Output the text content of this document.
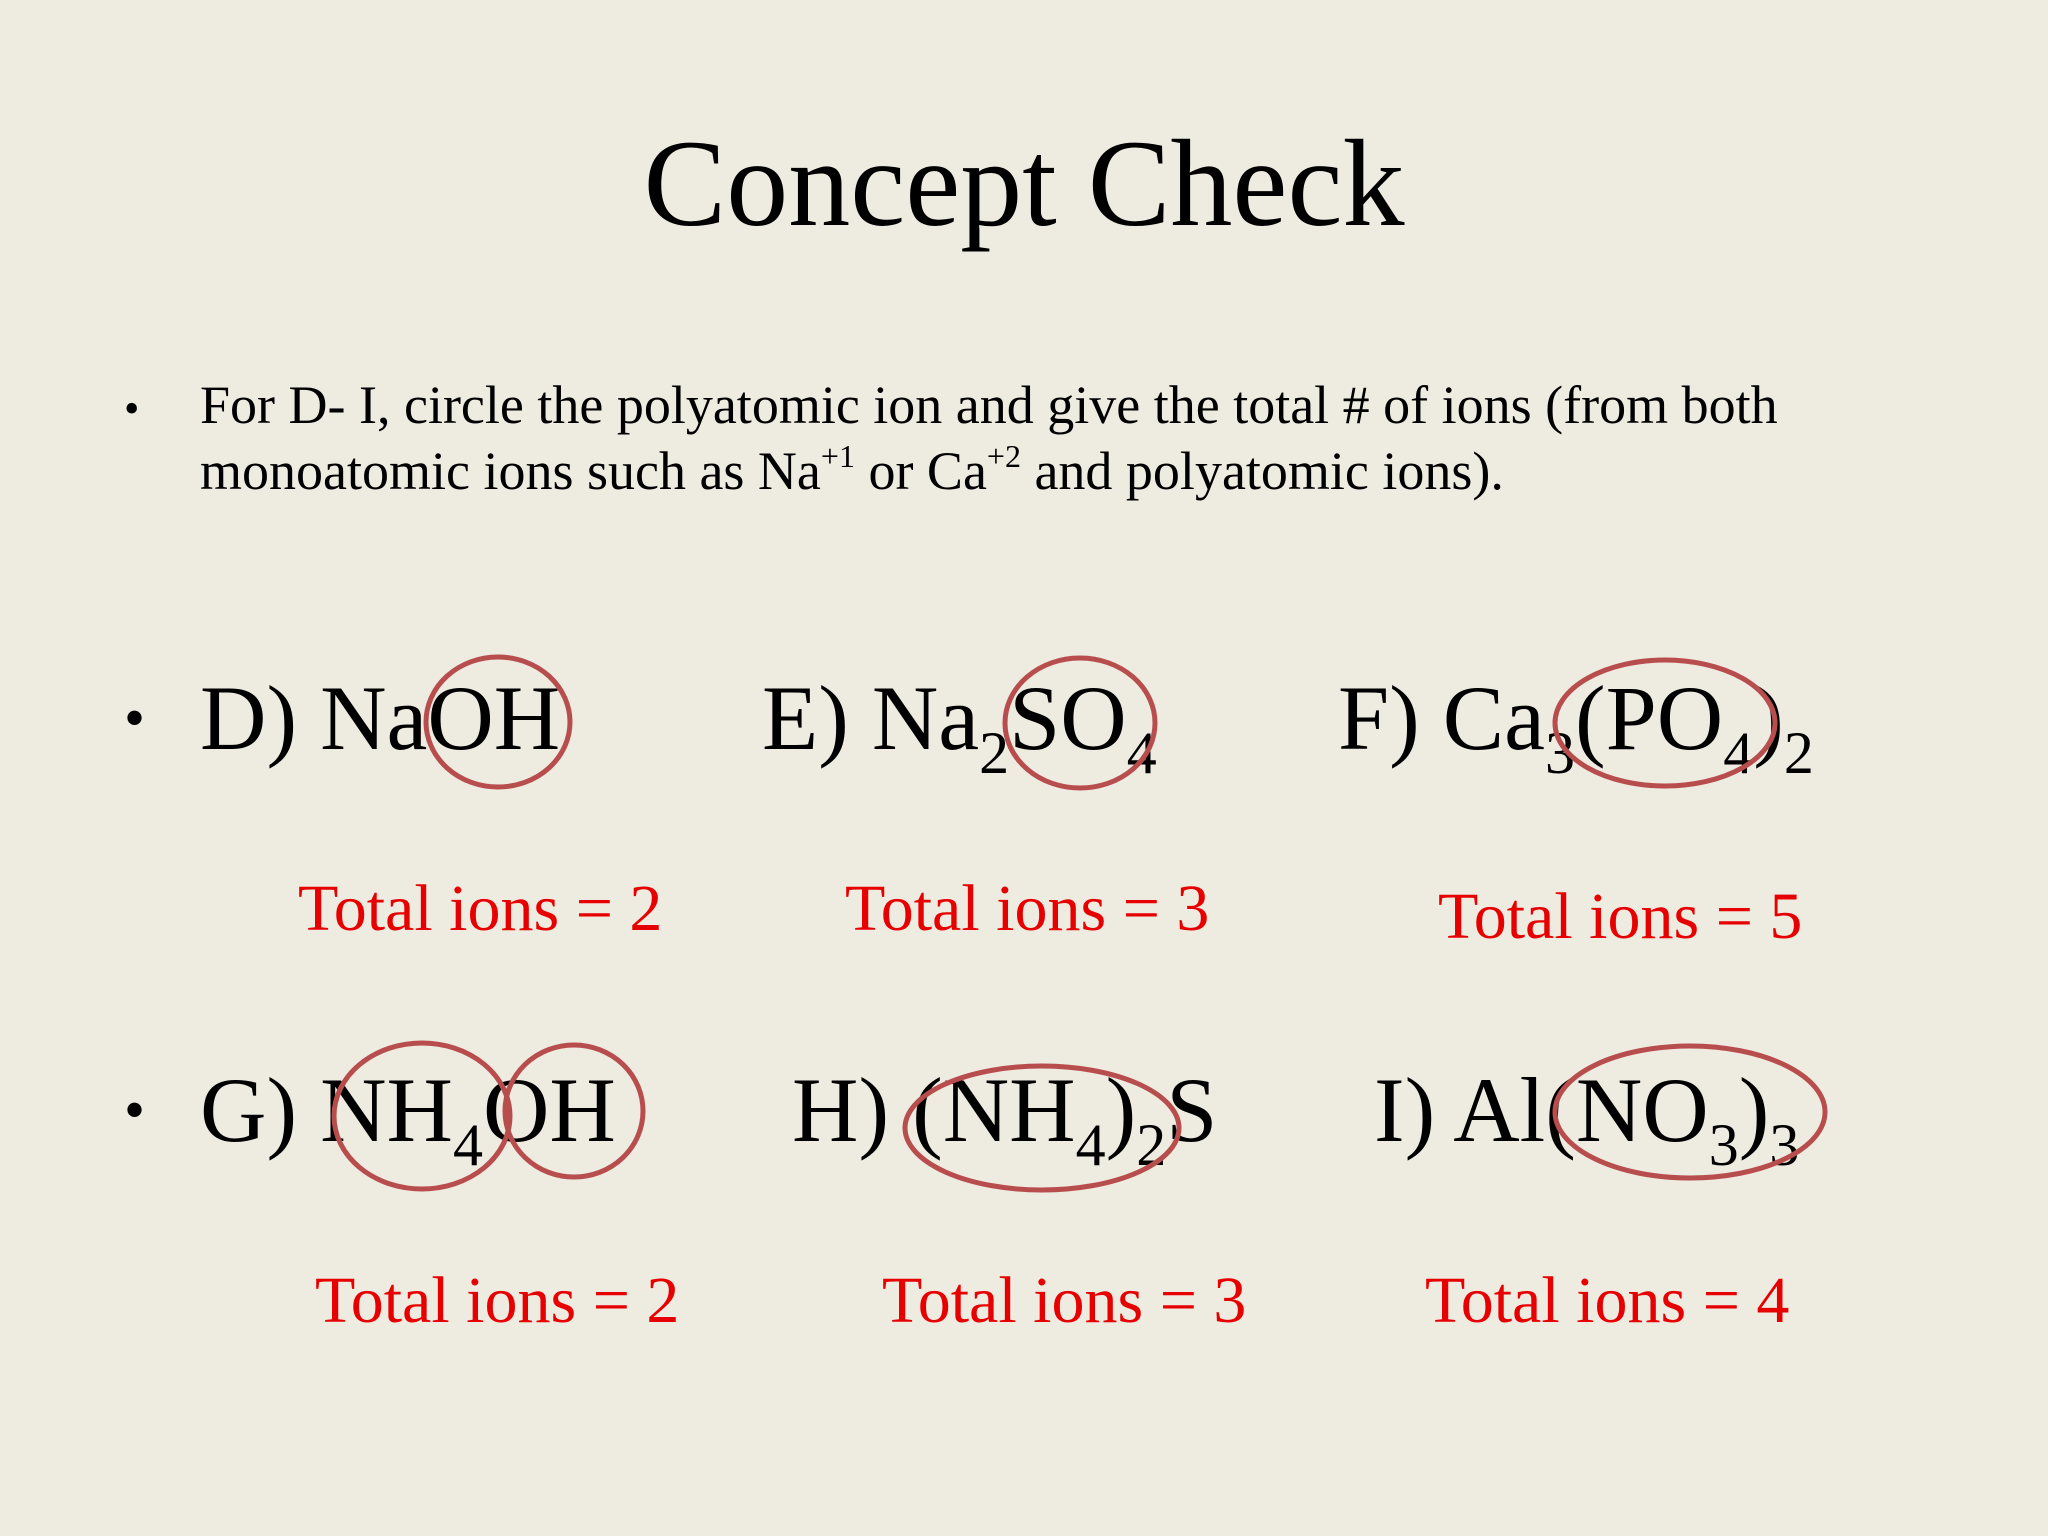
Concept Check
• For D- I, circle the polyatomic ion and give the total # of ions (from both monoatomic ions such as $Na^{+1}$ or $Ca^{+2}$ and polyatomic ions).
• D) NaOH E) $Na_2SO_4$ F) $Ca_3(PO_4)_2$
Total ions = 2	Total ions = 3	Total ions = 5
• G) $NH_4OH$ H) $(NH_4)_2S$ I) $Al(NO_3)_3$
Total ions = 2	Total ions = 3	Total ions = 4
